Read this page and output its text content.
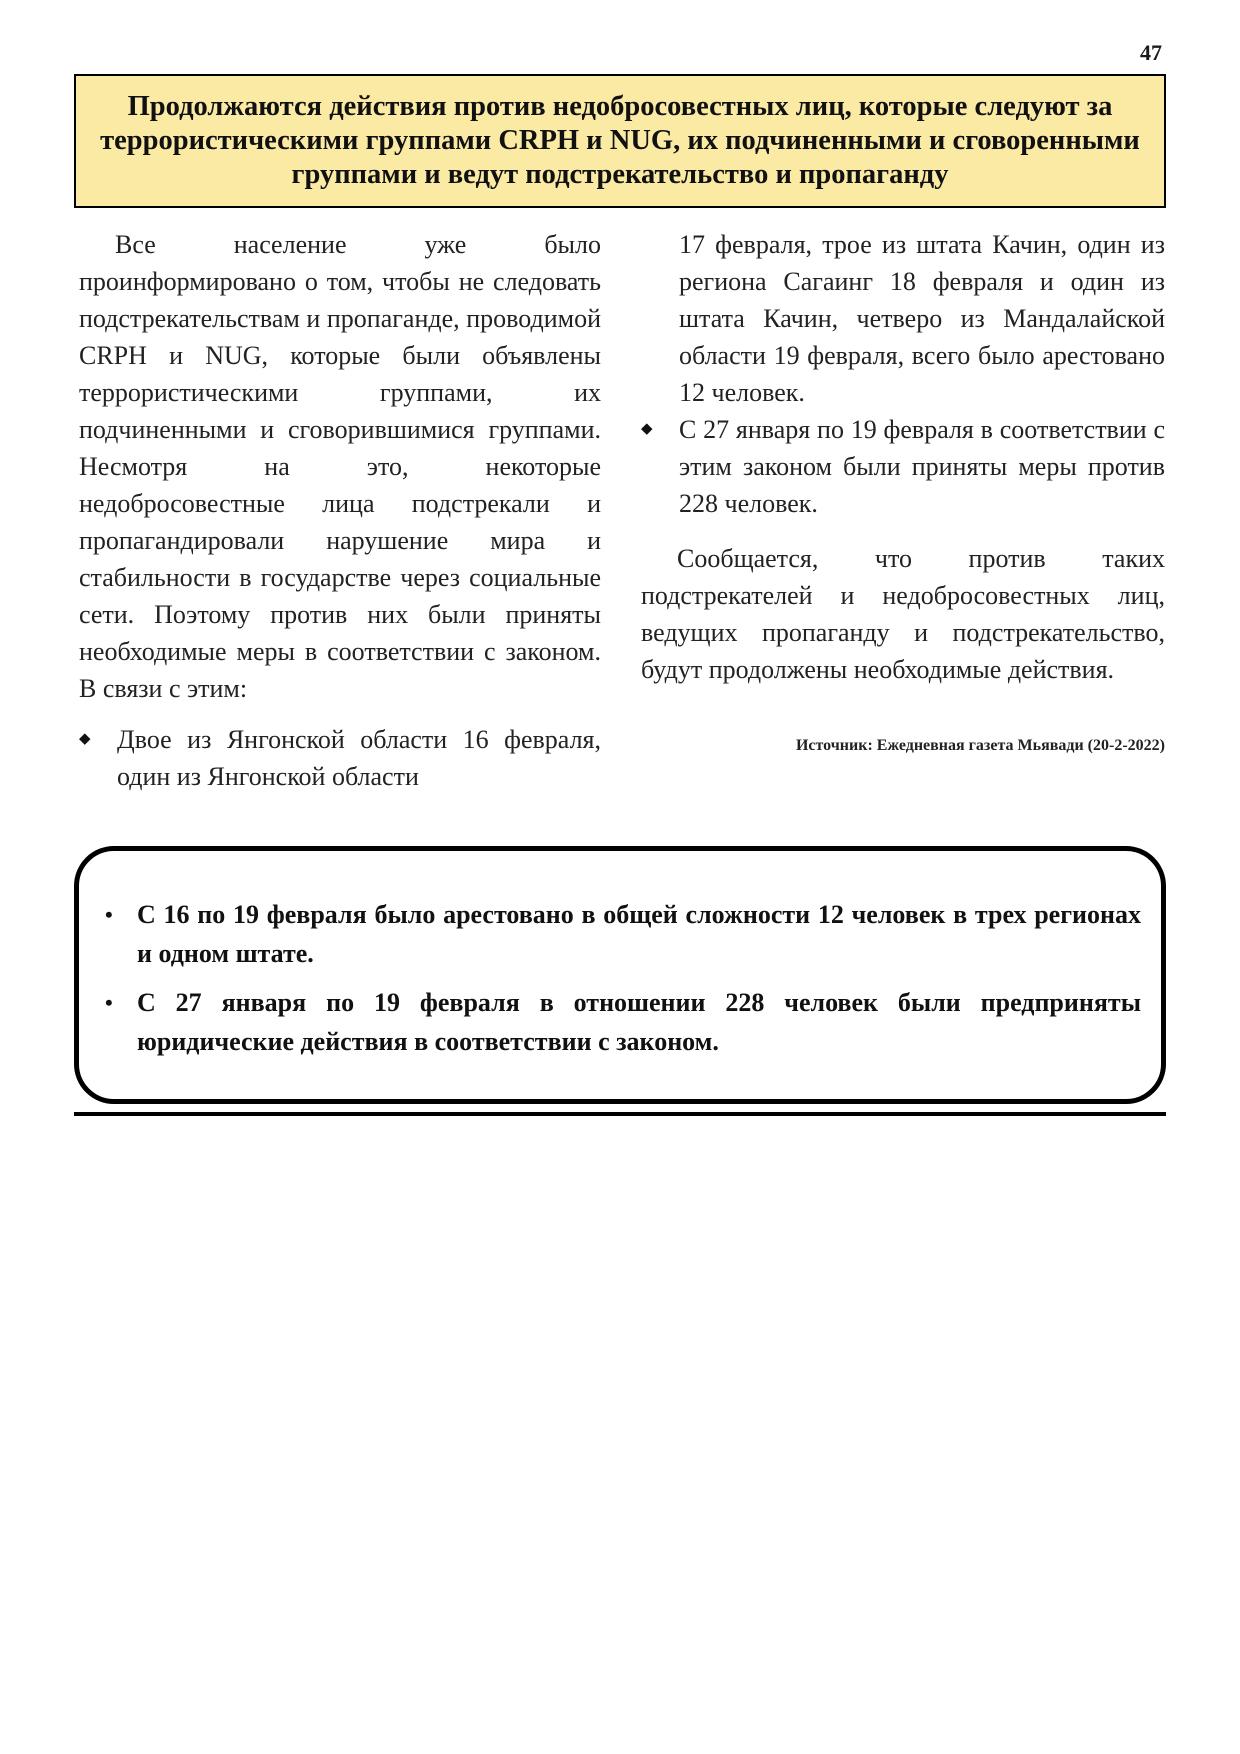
47
Продолжаются действия против недобросовестных лиц, которые следуют за террористическими группами CRPH и NUG, их подчиненными и сговоренными группами и ведут подстрекательство и пропаганду

Все население уже было проинформировано о том, чтобы не следовать подстрекательствам и пропаганде, проводимой CRPH и NUG, которые были объявлены террористическими группами, их подчиненными и сговорившимися группами. Несмотря на это, некоторые недобросовестные лица подстрекали и пропагандировали нарушение мира и стабильности в государстве через социальные сети. Поэтому против них были приняты необходимые меры в соответствии с законом. В связи с этим:

◆ Двое из Янгонской области 16 февраля, один из Янгонской области

17 февраля, трое из штата Качин, один из региона Сагаинг 18 февраля и один из штата Качин, четверо из Мандалайской области 19 февраля, всего было арестовано 12 человек.

◆ С 27 января по 19 февраля в соответствии с этим законом были приняты меры против 228 человек.

Сообщается, что против таких подстрекателей и недобросовестных лиц, ведущих пропаганду и подстрекательство, будут продолжены необходимые действия.

Источник: Ежедневная газета Мьявади (20-2-2022)
• С 16 по 19 февраля было арестовано в общей сложности 12 человек в трех регионах и одном штате.
• С 27 января по 19 февраля в отношении 228 человек были предприняты юридические действия в соответствии с законом.
